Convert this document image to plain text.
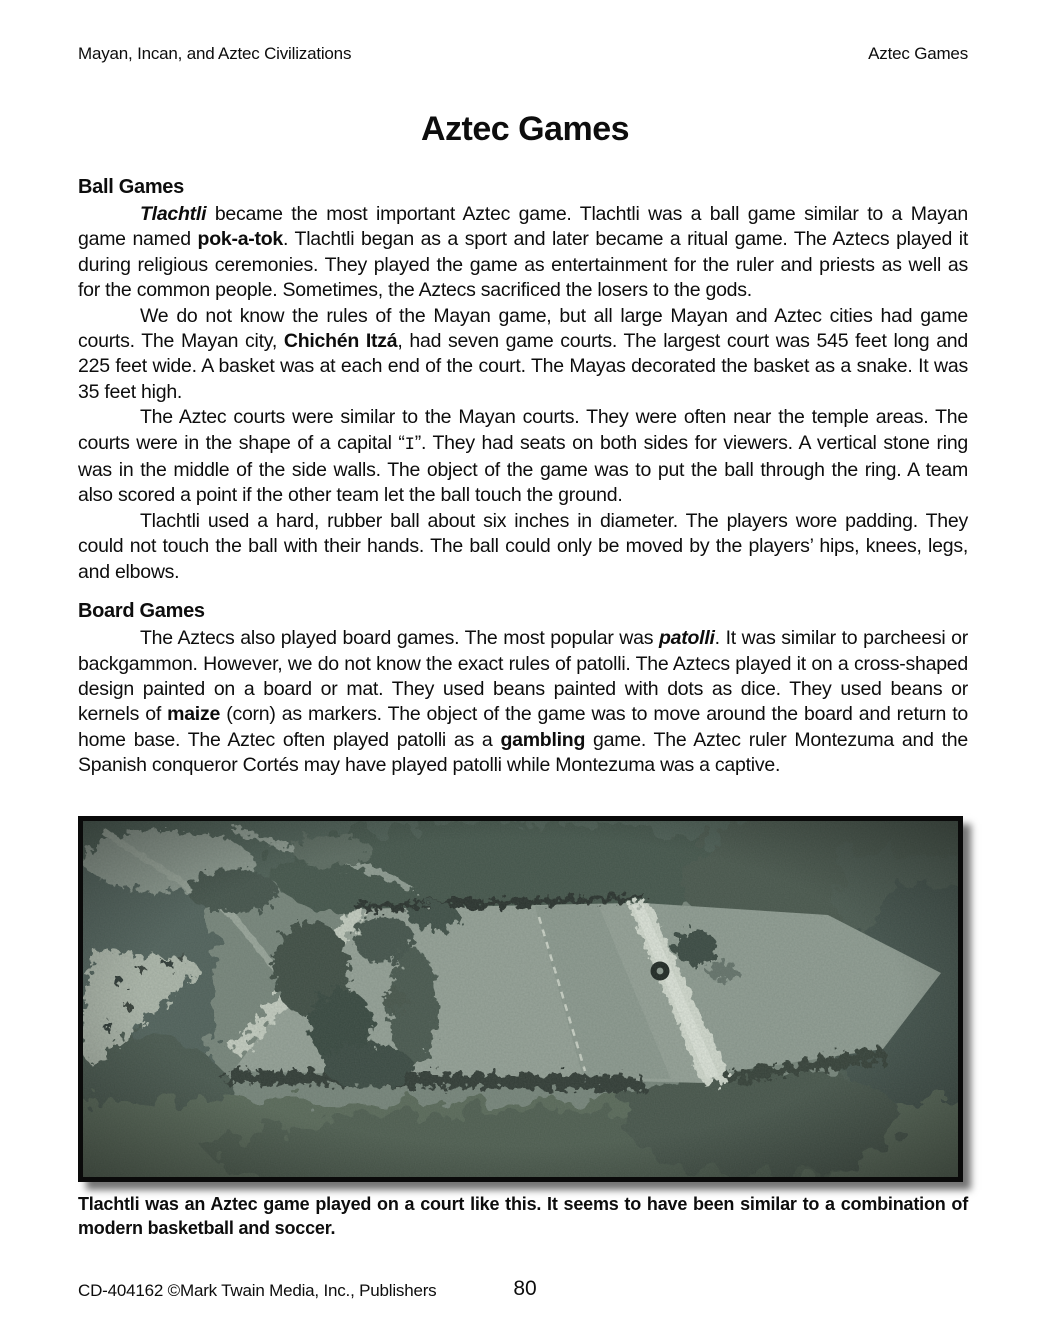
Mayan, Incan, and Aztec Civilizations	Aztec Games
Aztec Games
Ball Games

Tlachtli became the most important Aztec game. Tlachtli was a ball game similar to a Mayan game named pok-a-tok. Tlachtli began as a sport and later became a ritual game. The Aztecs played it during religious ceremonies. They played the game as entertainment for the ruler and priests as well as for the common people. Sometimes, the Aztecs sacrificed the losers to the gods.

We do not know the rules of the Mayan game, but all large Mayan and Aztec cities had game courts. The Mayan city, Chichén Itzá, had seven game courts. The largest court was 545 feet long and 225 feet wide. A basket was at each end of the court. The Mayas decorated the basket as a snake. It was 35 feet high.

The Aztec courts were similar to the Mayan courts. They were often near the temple areas. The courts were in the shape of a capital “I”. They had seats on both sides for viewers. A vertical stone ring was in the middle of the side walls. The object of the game was to put the ball through the ring. A team also scored a point if the other team let the ball touch the ground.

Tlachtli used a hard, rubber ball about six inches in diameter. The players wore padding. They could not touch the ball with their hands. The ball could only be moved by the players’ hips, knees, legs, and elbows.

Board Games

The Aztecs also played board games. The most popular was patolli. It was similar to parcheesi or backgammon. However, we do not know the exact rules of patolli. The Aztecs played it on a cross-shaped design painted on a board or mat. They used beans painted with dots as dice. They used beans or kernels of maize (corn) as markers. The object of the game was to move around the board and return to home base. The Aztec often played patolli as a gambling game. The Aztec ruler Montezuma and the Spanish conqueror Cortés may have played patolli while Montezuma was a captive.

Tlachtli was an Aztec game played on a court like this. It seems to have been similar to a combination of modern basketball and soccer.
CD-404162 ©Mark Twain Media, Inc., Publishers	80
